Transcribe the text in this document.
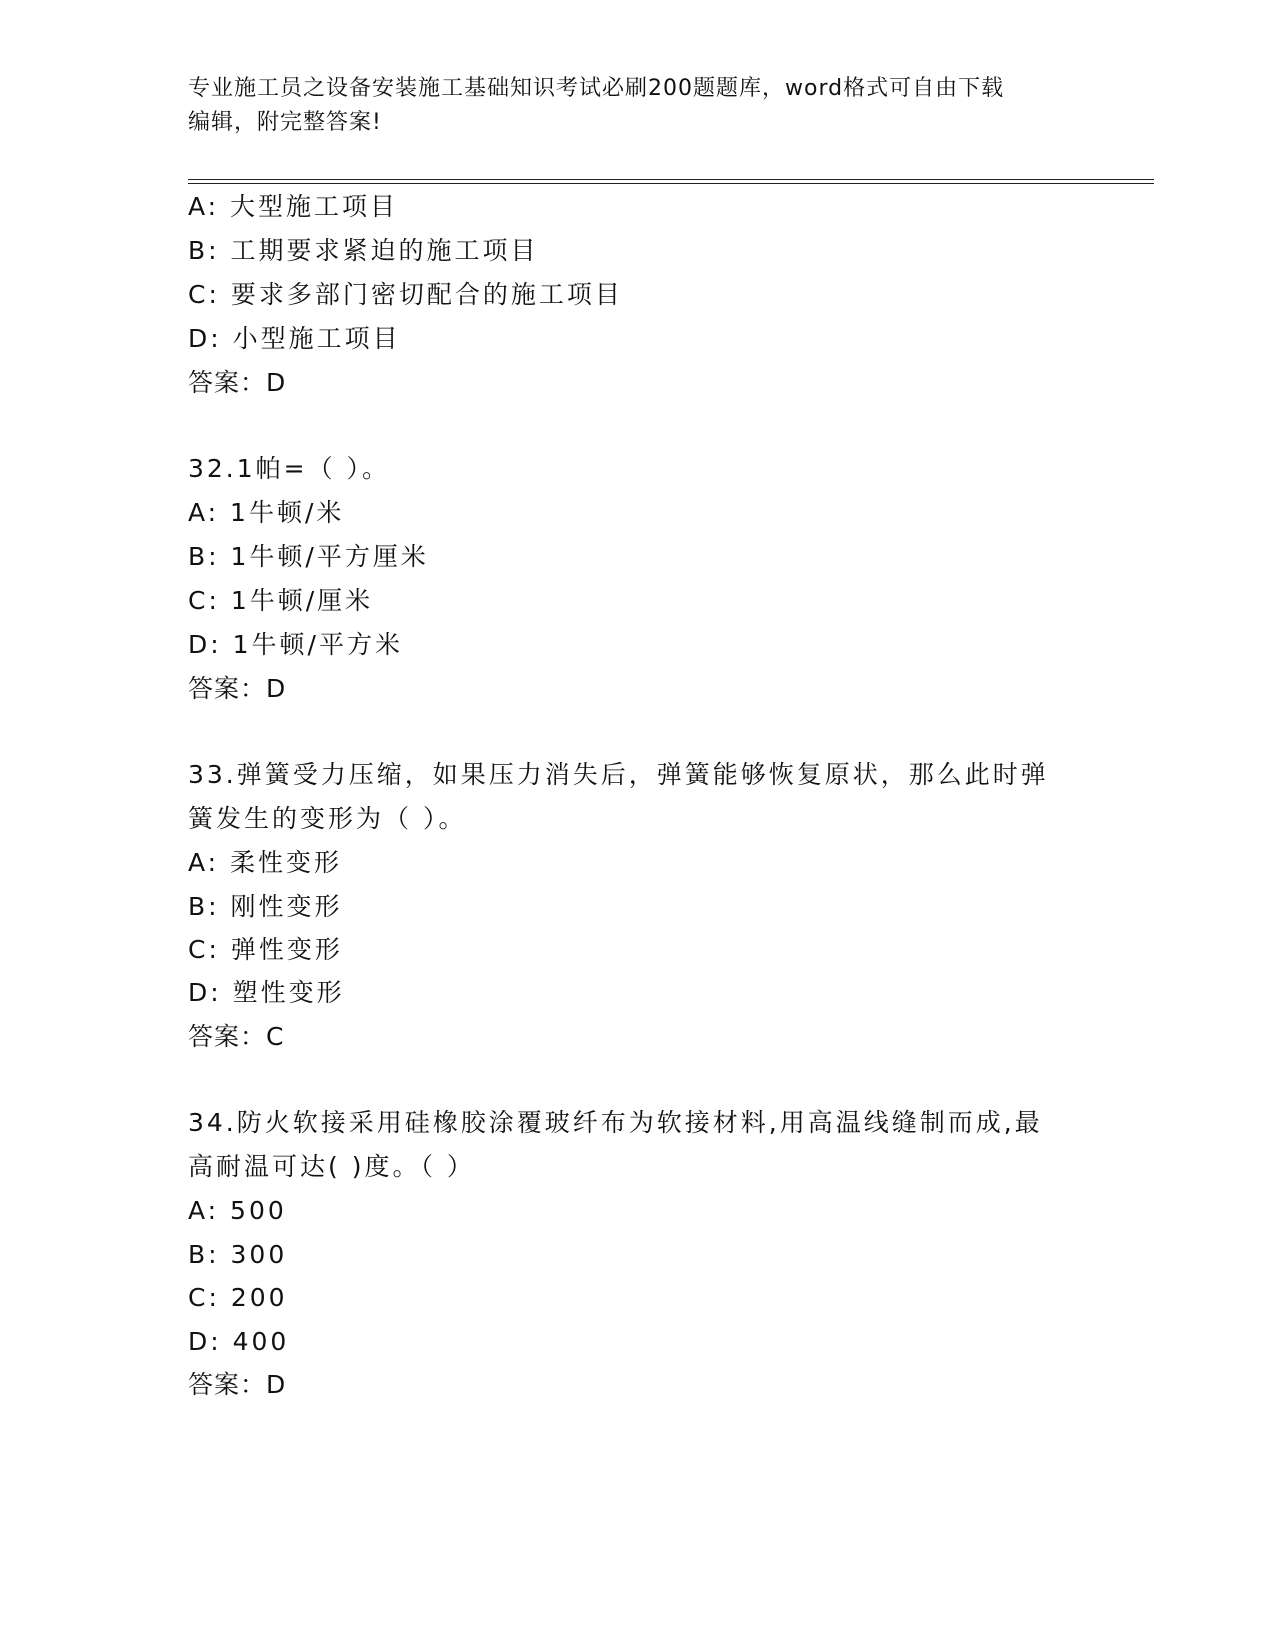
专业施工员之设备安装施工基础知识考试必刷200题题库，word格式可自由下载
编辑，附完整答案!
A: 大型施工项目
B: 工期要求紧迫的施工项目
C: 要求多部门密切配合的施工项目
D: 小型施工项目
答案：D
32.1帕=（ ）。
A: 1牛顿/米
B: 1牛顿/平方厘米
C: 1牛顿/厘米
D: 1牛顿/平方米
答案：D
33.弹簧受力压缩，如果压力消失后，弹簧能够恢复原状，那么此时弹
簧发生的变形为（ ）。
A: 柔性变形
B: 刚性变形
C: 弹性变形
D: 塑性变形
答案：C
34.防火软接采用硅橡胶涂覆玻纤布为软接材料,用高温线缝制而成,最
高耐温可达( )度。（ ）
A: 500
B: 300
C: 200
D: 400
答案：D
